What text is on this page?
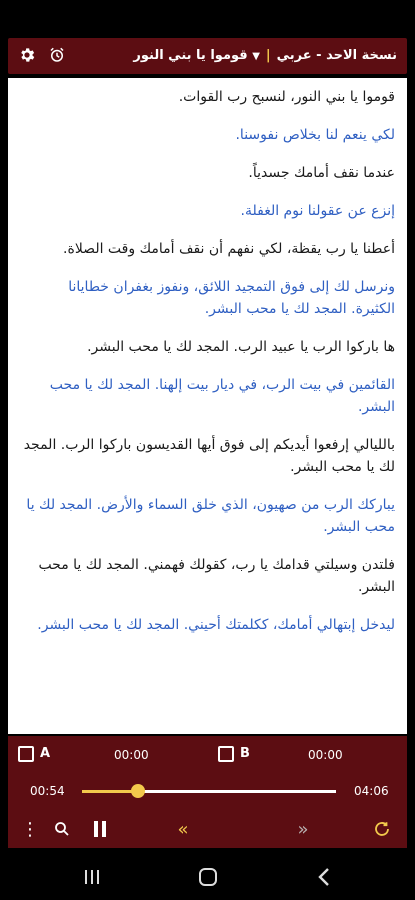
نسخة الاحد - عربي|▼ قوموا يا بني النور

قوموا يا بني النور، لنسبح رب القوات.

لكي ينعم لنا بخلاص نفوسنا.

عندما نقف أمامك جسدياً.

إنزع عن عقولنا نوم الغفلة.

أعطنا يا رب يقظة، لكي نفهم أن نقف أمامك وقت الصلاة.

ونرسل لك إلى فوق التمجيد اللائق، ونفوز بغفران خطايانا الكثيرة. المجد لك يا محب البشر.

ها باركوا الرب يا عبيد الرب. المجد لك يا محب البشر.

القائمين في بيت الرب، في ديار بيت إلهنا. المجد لك يا محب البشر.

بالليالي إرفعوا أيديكم إلى فوق أيها القديسون باركوا الرب. المجد لك يا محب البشر.

يباركك الرب من صهيون، الذي خلق السماء والأرض. المجد لك يا محب البشر.

فلتدن وسيلتي قدامك يا رب، كقولك فهمني. المجد لك يا محب البشر.

ليدخل إبتهالي أمامك، ككلمتك أحيني. المجد لك يا محب البشر.

A	00:00	B	00:00
00:54	04:06
⋮	«	»
